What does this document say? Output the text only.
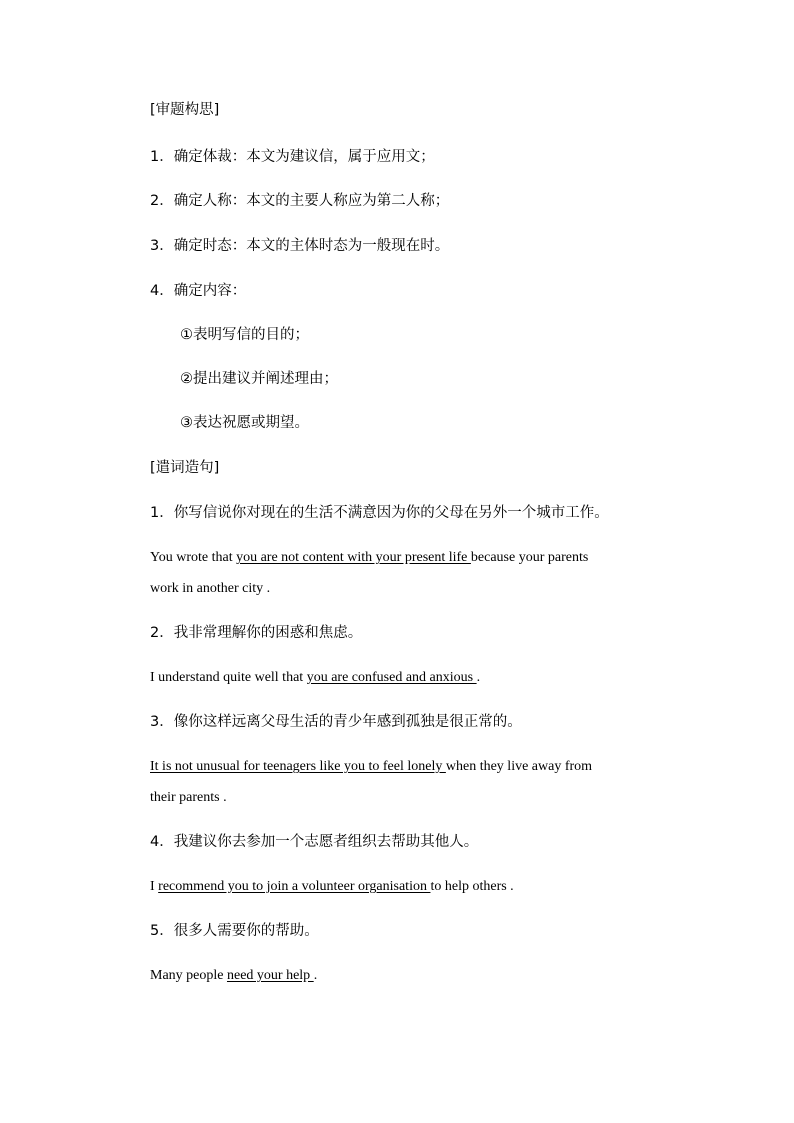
[审题构思]
1．确定体裁：本文为建议信，属于应用文；
2．确定人称：本文的主要人称应为第二人称；
3．确定时态：本文的主体时态为一般现在时。
4．确定内容：
①表明写信的目的；
②提出建议并阐述理由；
③表达祝愿或期望。
[遣词造句]
1．你写信说你对现在的生活不满意因为你的父母在另外一个城市工作。
You wrote that you are not content with your present life because your parents
work in another city .
2．我非常理解你的困惑和焦虑。
I understand quite well that you are confused and anxious .
3．像你这样远离父母生活的青少年感到孤独是很正常的。
It is not unusual for teenagers like you to feel lonely when they live away from
their parents .
4．我建议你去参加一个志愿者组织去帮助其他人。
I recommend you to join a volunteer organisation to help others .
5．很多人需要你的帮助。
Many people need your help .
